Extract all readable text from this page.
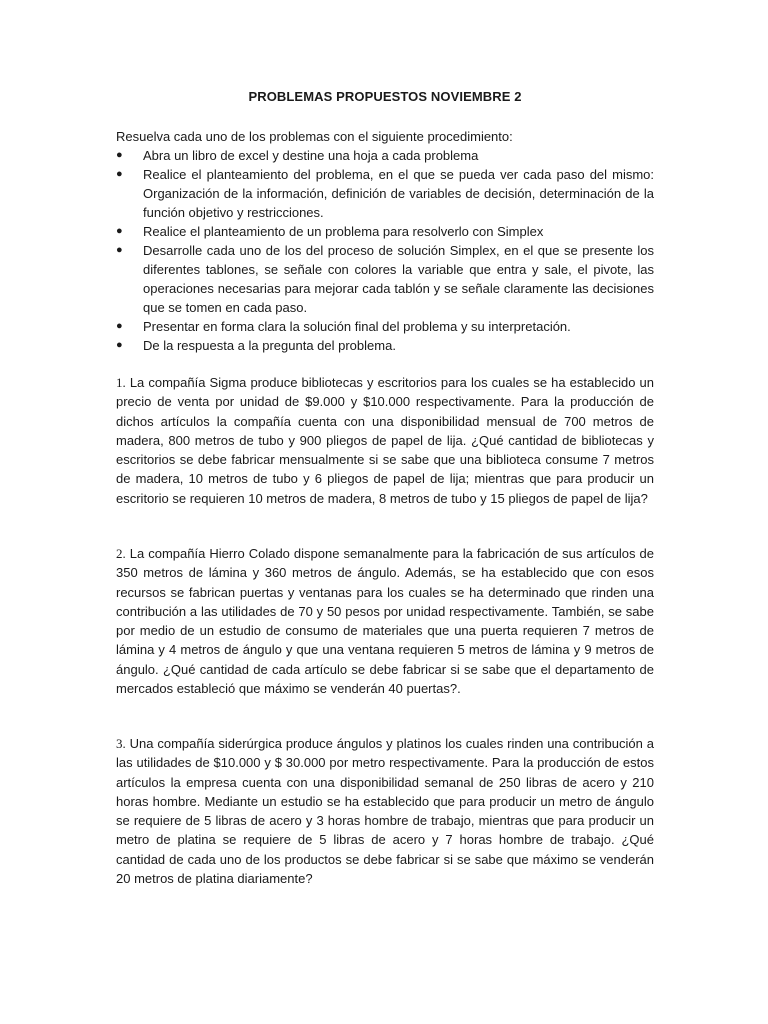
PROBLEMAS PROPUESTOS NOVIEMBRE 2
Resuelva cada uno de los problemas con el siguiente procedimiento:
● Abra un libro de excel y destine una hoja a cada problema
● Realice el planteamiento del problema, en el que se pueda ver cada paso del mismo: Organización de la información, definición de variables de decisión, determinación de la función objetivo y restricciones.
● Realice el planteamiento de un problema para resolverlo con Simplex
● Desarrolle cada uno de los del proceso de solución Simplex, en el que se presente los diferentes tablones, se señale con colores la variable que entra y sale, el pivote, las operaciones necesarias para mejorar cada tablón y se señale claramente las decisiones que se tomen en cada paso.
● Presentar en forma clara la solución final del problema y su interpretación.
● De la respuesta a la pregunta del problema.
1. La compañía Sigma produce bibliotecas y escritorios para los cuales se ha establecido un precio de venta por unidad de $9.000 y $10.000 respectivamente. Para la producción de dichos artículos la compañía cuenta con una disponibilidad mensual de 700 metros de madera, 800 metros de tubo y 900 pliegos de papel de lija. ¿Qué cantidad de bibliotecas y escritorios se debe fabricar mensualmente si se sabe que una biblioteca consume 7 metros de madera, 10 metros de tubo y 6 pliegos de papel de lija; mientras que para producir un escritorio se requieren 10 metros de madera, 8 metros de tubo y 15 pliegos de papel de lija?
2. La compañía Hierro Colado dispone semanalmente para la fabricación de sus artículos de 350 metros de lámina y 360 metros de ángulo. Además, se ha establecido que con esos recursos se fabrican puertas y ventanas para los cuales se ha determinado que rinden una contribución a las utilidades de 70 y 50 pesos por unidad respectivamente. También, se sabe por medio de un estudio de consumo de materiales que una puerta requieren 7 metros de lámina y 4 metros de ángulo y que una ventana requieren 5 metros de lámina y 9 metros de ángulo. ¿Qué cantidad de cada artículo se debe fabricar si se sabe que el departamento de mercados estableció que máximo se venderán 40 puertas?.
3. Una compañía siderúrgica produce ángulos y platinos los cuales rinden una contribución a las utilidades de $10.000 y $ 30.000 por metro respectivamente. Para la producción de estos artículos la empresa cuenta con una disponibilidad semanal de 250 libras de acero y 210 horas hombre. Mediante un estudio se ha establecido que para producir un metro de ángulo se requiere de 5 libras de acero y 3 horas hombre de trabajo, mientras que para producir un metro de platina se requiere de 5 libras de acero y 7 horas hombre de trabajo. ¿Qué cantidad de cada uno de los productos se debe fabricar si se sabe que máximo se venderán 20 metros de platina diariamente?
